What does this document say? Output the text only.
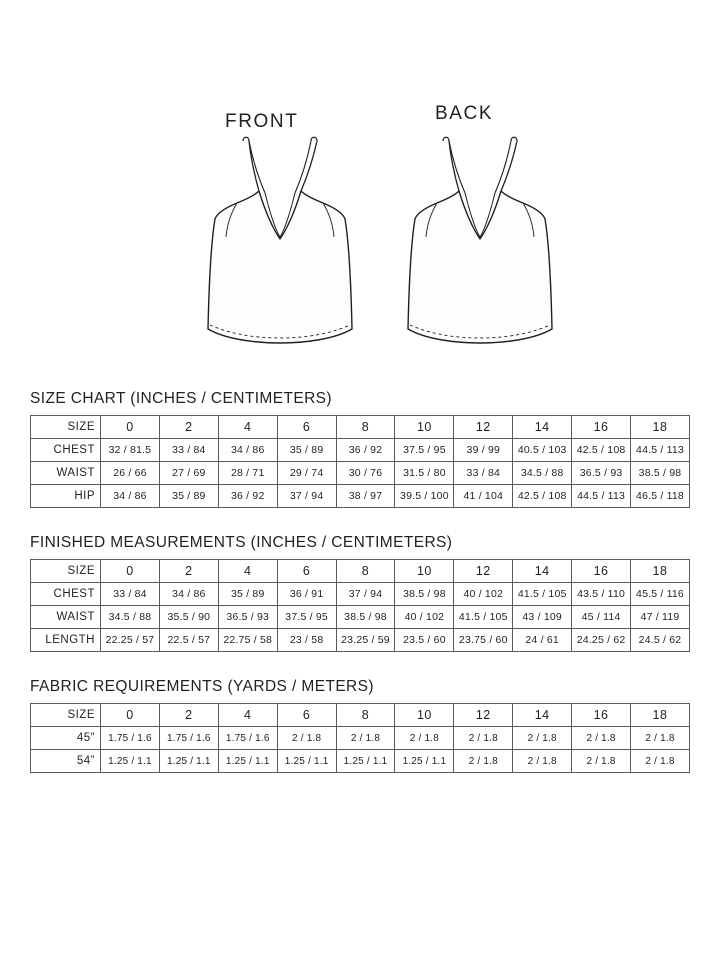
FRONT	BACK
SIZE CHART (INCHES / CENTIMETERS)
SIZE	0	2	4	6	8	10	12	14	16	18
CHEST	32 / 81.5	33 / 84	34 / 86	35 / 89	36 / 92	37.5 / 95	39 / 99	40.5 / 103	42.5 / 108	44.5 / 113
WAIST	26 / 66	27 / 69	28 / 71	29 / 74	30 / 76	31.5 / 80	33 / 84	34.5 / 88	36.5 / 93	38.5 / 98
HIP	34 / 86	35 / 89	36 / 92	37 / 94	38 / 97	39.5 / 100	41 / 104	42.5 / 108	44.5 / 113	46.5 / 118
FINISHED MEASUREMENTS (INCHES / CENTIMETERS)
SIZE	0	2	4	6	8	10	12	14	16	18
CHEST	33 / 84	34 / 86	35 / 89	36 / 91	37 / 94	38.5 / 98	40 / 102	41.5 / 105	43.5 / 110	45.5 / 116
WAIST	34.5 / 88	35.5 / 90	36.5 / 93	37.5 / 95	38.5 / 98	40 / 102	41.5 / 105	43 / 109	45 / 114	47 / 119
LENGTH	22.25 / 57	22.5 / 57	22.75 / 58	23 / 58	23.25 / 59	23.5 / 60	23.75 / 60	24 / 61	24.25 / 62	24.5 / 62
FABRIC REQUIREMENTS (YARDS / METERS)
SIZE	0	2	4	6	8	10	12	14	16	18
45”	1.75 / 1.6	1.75 / 1.6	1.75 / 1.6	2 / 1.8	2 / 1.8	2 / 1.8	2 / 1.8	2 / 1.8	2 / 1.8	2 / 1.8
54”	1.25 / 1.1	1.25 / 1.1	1.25 / 1.1	1.25 / 1.1	1.25 / 1.1	1.25 / 1.1	2 / 1.8	2 / 1.8	2 / 1.8	2 / 1.8
